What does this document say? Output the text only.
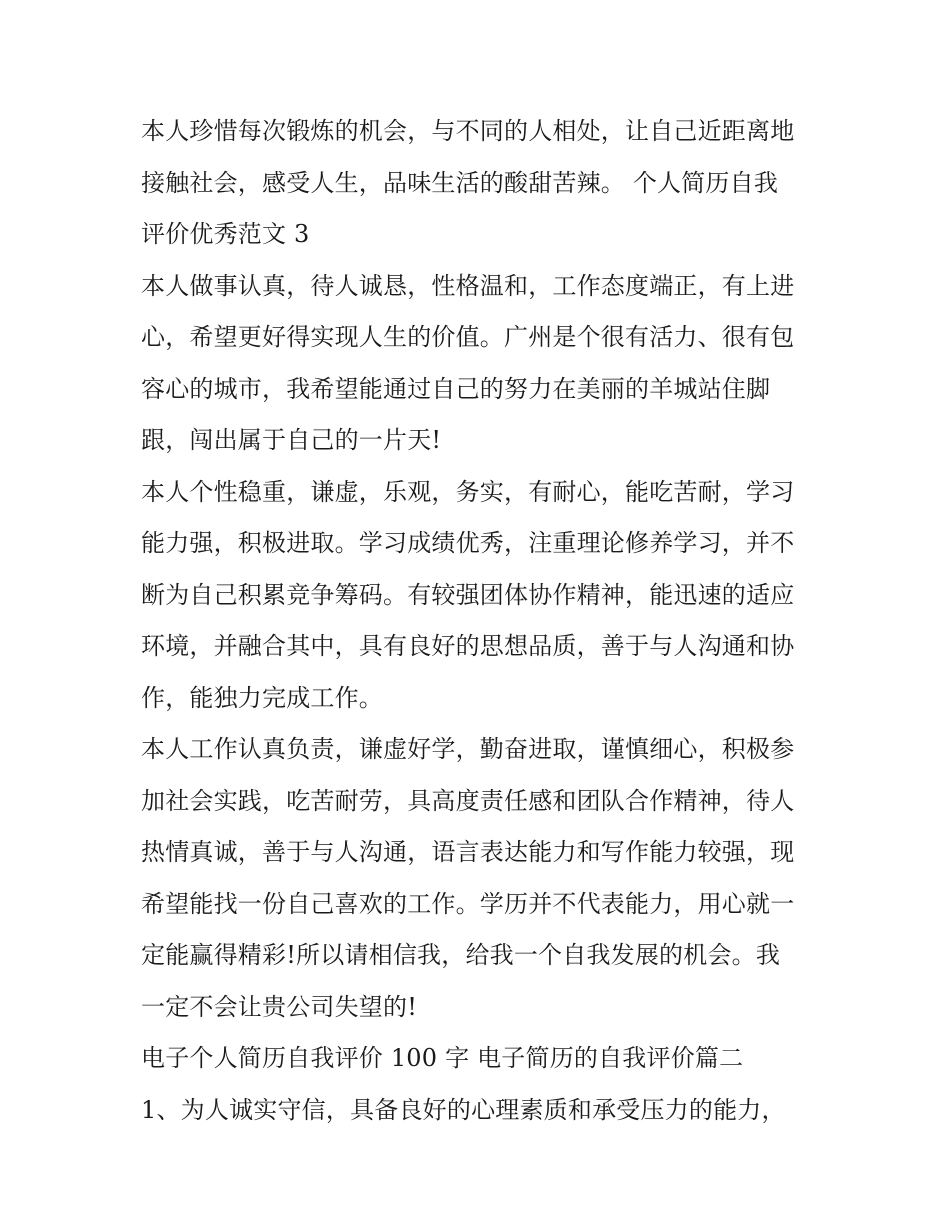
本人珍惜每次锻炼的机会，与不同的人相处，让自己近距离地
接触社会，感受人生，品味生活的酸甜苦辣。 个人简历自我
评价优秀范文 3
本人做事认真，待人诚恳，性格温和，工作态度端正，有上进
心，希望更好得实现人生的价值。广州是个很有活力、很有包
容心的城市，我希望能通过自己的努力在美丽的羊城站住脚
跟，闯出属于自己的一片天!
本人个性稳重，谦虚，乐观，务实，有耐心，能吃苦耐，学习
能力强，积极进取。学习成绩优秀，注重理论修养学习，并不
断为自己积累竞争筹码。有较强团体协作精神，能迅速的适应
环境，并融合其中，具有良好的思想品质，善于与人沟通和协
作，能独力完成工作。
本人工作认真负责，谦虚好学，勤奋进取，谨慎细心，积极参
加社会实践，吃苦耐劳，具高度责任感和团队合作精神，待人
热情真诚，善于与人沟通，语言表达能力和写作能力较强，现
希望能找一份自己喜欢的工作。学历并不代表能力，用心就一
定能赢得精彩!所以请相信我，给我一个自我发展的机会。我
一定不会让贵公司失望的!
电子个人简历自我评价 100 字 电子简历的自我评价篇二
1、为人诚实守信，具备良好的心理素质和承受压力的能力，
